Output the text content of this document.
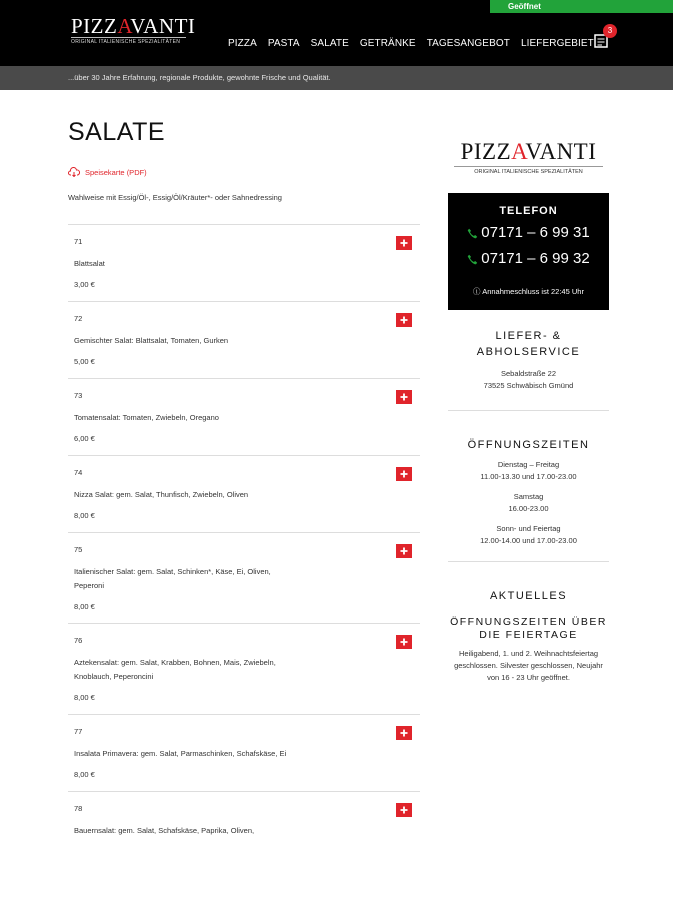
Geöffnet
PIZZAVANTI
ORIGINAL ITALIENISCHE SPEZIALITÄTEN	PIZZA PASTA SALATE GETRÄNKE TAGESANGEBOT LIEFERGEBIET
3
...über 30 Jahre Erfahrung, regionale Produkte, gewohnte Frische und Qualität.
SALATE
Speisekarte (PDF)
Wahlweise mit Essig/Öl-, Essig/Öl/Kräuter*- oder Sahnedressing
71
Blattsalat
3,00 €
72
Gemischter Salat: Blattsalat, Tomaten, Gurken
5,00 €
73
Tomatensalat: Tomaten, Zwiebeln, Oregano
6,00 €
74
Nizza Salat: gem. Salat, Thunfisch, Zwiebeln, Oliven
8,00 €
75
Italienischer Salat: gem. Salat, Schinken*, Käse, Ei, Oliven, Peperoni
8,00 €
76
Aztekensalat: gem. Salat, Krabben, Bohnen, Mais, Zwiebeln, Knoblauch, Peperoncini
8,00 €
77
Insalata Primavera: gem. Salat, Parmaschinken, Schafskäse, Ei
8,00 €
78
Bauernsalat: gem. Salat, Schafskäse, Paprika, Oliven,
PIZZAVANTI
ORIGINAL ITALIENISCHE SPEZIALITÄTEN
TELEFON
07171 – 6 99 31
07171 – 6 99 32
ⓘ Annahmeschluss ist 22:45 Uhr
LIEFER- & ABHOLSERVICE
Sebaldstraße 22
73525 Schwäbisch Gmünd
ÖFFNUNGSZEITEN
Dienstag – Freitag
11.00-13.30 und 17.00-23.00
Samstag
16.00-23.00
Sonn- und Feiertag
12.00-14.00 und 17.00-23.00
AKTUELLES
ÖFFNUNGSZEITEN ÜBER DIE FEIERTAGE
Heiligabend, 1. und 2. Weihnachtsfeiertag geschlossen. Silvester geschlossen, Neujahr von 16 - 23 Uhr geöffnet.
